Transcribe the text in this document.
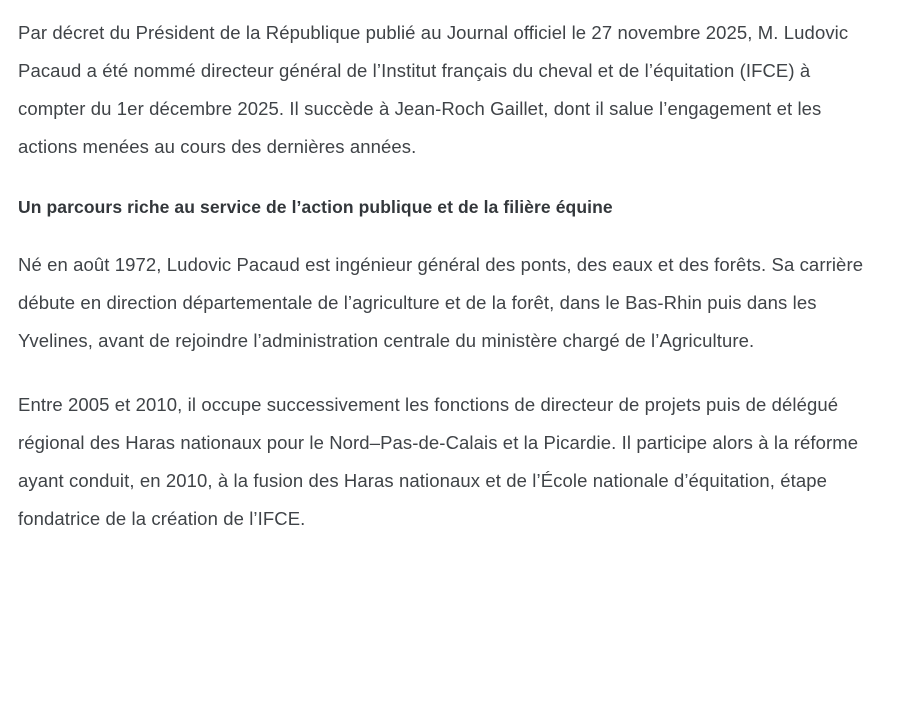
Par décret du Président de la République publié au Journal officiel le 27 novembre 2025, M. Ludovic Pacaud a été nommé directeur général de l’Institut français du cheval et de l’équitation (IFCE) à compter du 1er décembre 2025. Il succède à Jean-Roch Gaillet, dont il salue l’engagement et les actions menées au cours des dernières années.

Un parcours riche au service de l’action publique et de la filière équine

Né en août 1972, Ludovic Pacaud est ingénieur général des ponts, des eaux et des forêts. Sa carrière débute en direction départementale de l’agriculture et de la forêt, dans le Bas-Rhin puis dans les Yvelines, avant de rejoindre l’administration centrale du ministère chargé de l’Agriculture.

Entre 2005 et 2010, il occupe successivement les fonctions de directeur de projets puis de délégué régional des Haras nationaux pour le Nord–Pas-de-Calais et la Picardie. Il participe alors à la réforme ayant conduit, en 2010, à la fusion des Haras nationaux et de l’École nationale d’équitation, étape fondatrice de la création de l’IFCE.
